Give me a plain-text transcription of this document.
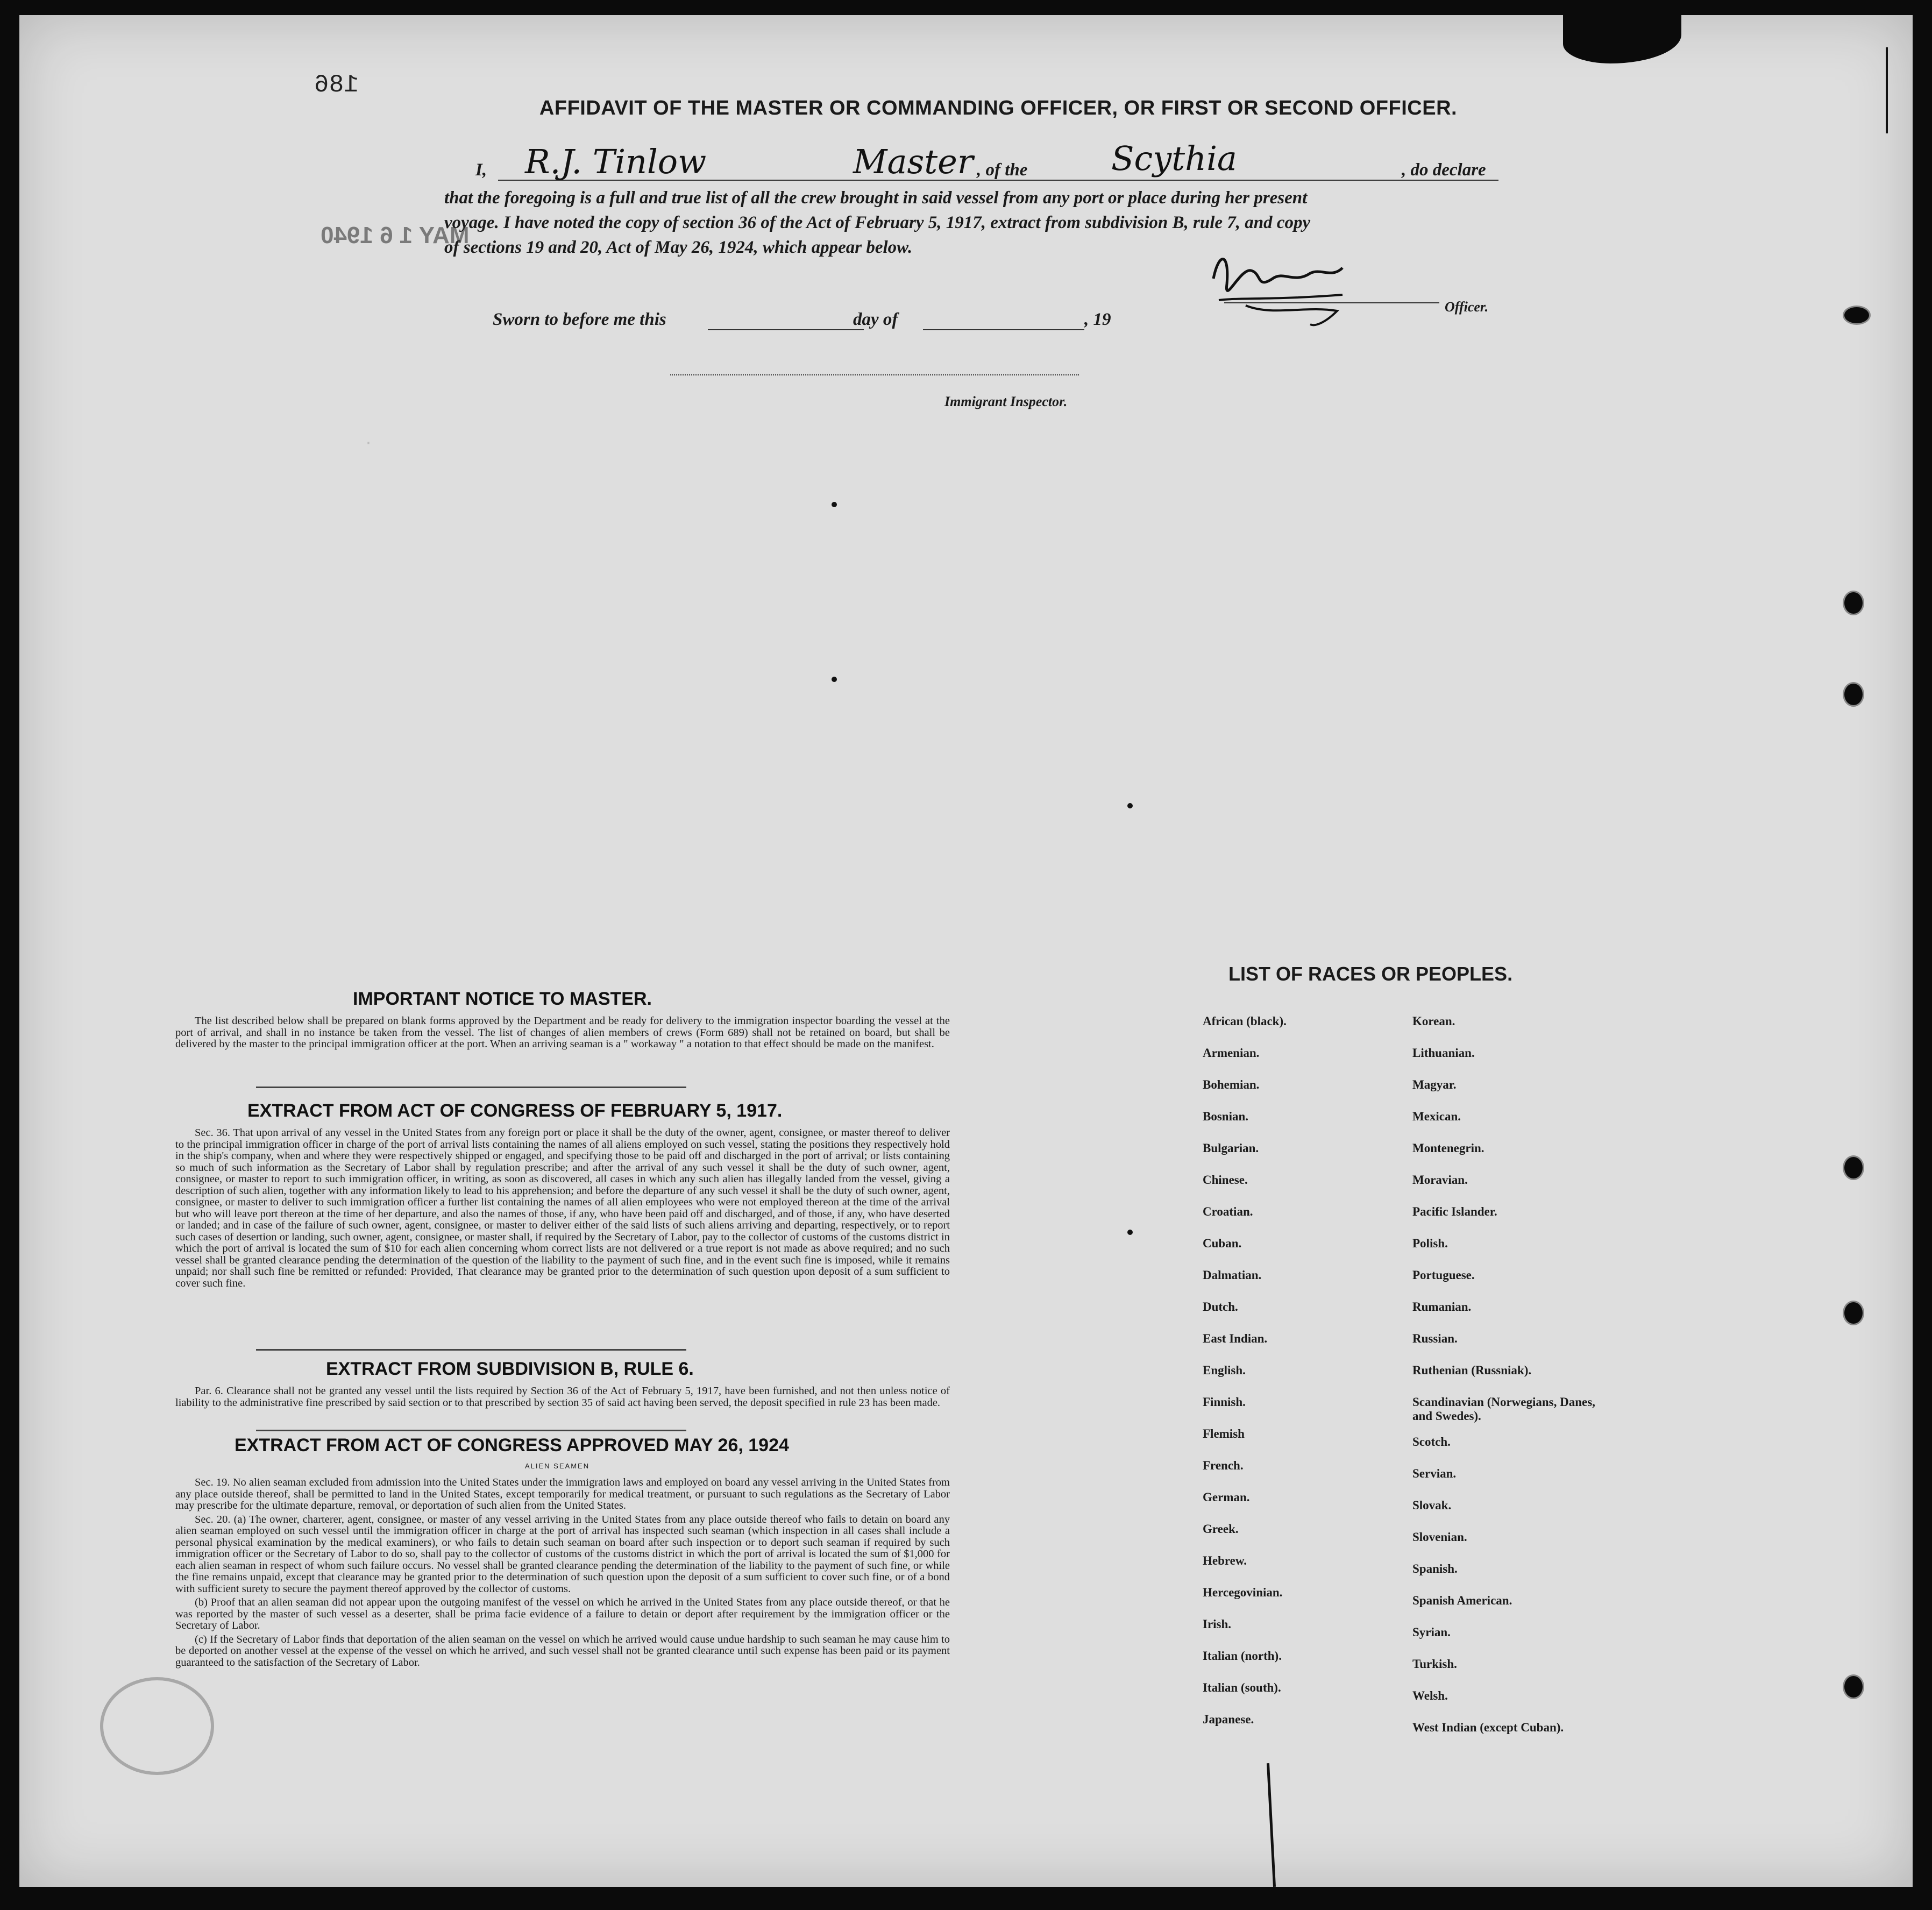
·
186
MAY 1 6 1940
AFFIDAVIT OF THE MASTER OR COMMANDING OFFICER, OR FIRST OR SECOND OFFICER.
I, R.J. Tinlow	Master , of the	Scythia	, do declare
that the foregoing is a full and true list of all the crew brought in said vessel from any port or place during her present
voyage. I have noted the copy of section 36 of the Act of February 5, 1917, extract from subdivision B, rule 7, and copy
of sections 19 and 20, Act of May 26, 1924, which appear below.
Officer.
Sworn to before me this	day of	, 19
Immigrant Inspector.
IMPORTANT NOTICE TO MASTER.

The list described below shall be prepared on blank forms approved by the Department and be ready for delivery to the immigration inspector boarding the vessel at the port of arrival, and shall in no instance be taken from the vessel. The list of changes of alien members of crews (Form 689) shall not be retained on board, but shall be delivered by the master to the principal immigration officer at the port. When an arriving seaman is a " workaway " a notation to that effect should be made on the manifest.

EXTRACT FROM ACT OF CONGRESS OF FEBRUARY 5, 1917.

Sec. 36. That upon arrival of any vessel in the United States from any foreign port or place it shall be the duty of the owner, agent, consignee, or master thereof to deliver to the principal immigration officer in charge of the port of arrival lists containing the names of all aliens employed on such vessel, stating the positions they respectively hold in the ship's company, when and where they were respectively shipped or engaged, and specifying those to be paid off and discharged in the port of arrival; or lists containing so much of such information as the Secretary of Labor shall by regulation prescribe; and after the arrival of any such vessel it shall be the duty of such owner, agent, consignee, or master to report to such immigration officer, in writing, as soon as discovered, all cases in which any such alien has illegally landed from the vessel, giving a description of such alien, together with any information likely to lead to his apprehension; and before the departure of any such vessel it shall be the duty of such owner, agent, consignee, or master to deliver to such immigration officer a further list containing the names of all alien employees who were not employed thereon at the time of the arrival but who will leave port thereon at the time of her departure, and also the names of those, if any, who have been paid off and discharged, and of those, if any, who have deserted or landed; and in case of the failure of such owner, agent, consignee, or master to deliver either of the said lists of such aliens arriving and departing, respectively, or to report such cases of desertion or landing, such owner, agent, consignee, or master shall, if required by the Secretary of Labor, pay to the collector of customs of the customs district in which the port of arrival is located the sum of $10 for each alien concerning whom correct lists are not delivered or a true report is not made as above required; and no such vessel shall be granted clearance pending the determination of the question of the liability to the payment of such fine, and in the event such fine is imposed, while it remains unpaid; nor shall such fine be remitted or refunded: Provided, That clearance may be granted prior to the determination of such question upon deposit of a sum sufficient to cover such fine.

EXTRACT FROM SUBDIVISION B, RULE 6.

Par. 6. Clearance shall not be granted any vessel until the lists required by Section 36 of the Act of February 5, 1917, have been furnished, and not then unless notice of liability to the administrative fine prescribed by said section or to that prescribed by section 35 of said act having been served, the deposit specified in rule 23 has been made.

EXTRACT FROM ACT OF CONGRESS APPROVED MAY 26, 1924
ALIEN SEAMEN

Sec. 19. No alien seaman excluded from admission into the United States under the immigration laws and employed on board any vessel arriving in the United States from any place outside thereof, shall be permitted to land in the United States, except temporarily for medical treatment, or pursuant to such regulations as the Secretary of Labor may prescribe for the ultimate departure, removal, or deportation of such alien from the United States.

Sec. 20. (a) The owner, charterer, agent, consignee, or master of any vessel arriving in the United States from any place outside thereof who fails to detain on board any alien seaman employed on such vessel until the immigration officer in charge at the port of arrival has inspected such seaman (which inspection in all cases shall include a personal physical examination by the medical examiners), or who fails to detain such seaman on board after such inspection or to deport such seaman if required by such immigration officer or the Secretary of Labor to do so, shall pay to the collector of customs of the customs district in which the port of arrival is located the sum of $1,000 for each alien seaman in respect of whom such failure occurs. No vessel shall be granted clearance pending the determination of the liability to the payment of such fine, or while the fine remains unpaid, except that clearance may be granted prior to the determination of such question upon the deposit of a sum sufficient to cover such fine, or of a bond with sufficient surety to secure the payment thereof approved by the collector of customs.

(b) Proof that an alien seaman did not appear upon the outgoing manifest of the vessel on which he arrived in the United States from any place outside thereof, or that he was reported by the master of such vessel as a deserter, shall be prima facie evidence of a failure to detain or deport after requirement by the immigration officer or the Secretary of Labor.

(c) If the Secretary of Labor finds that deportation of the alien seaman on the vessel on which he arrived would cause undue hardship to such seaman he may cause him to be deported on another vessel at the expense of the vessel on which he arrived, and such vessel shall not be granted clearance until such expense has been paid or its payment guaranteed to the satisfaction of the Secretary of Labor.

LIST OF RACES OR PEOPLES.
African (black).
Armenian.
Bohemian.
Bosnian.
Bulgarian.
Chinese.
Croatian.
Cuban.
Dalmatian.
Dutch.
East Indian.
English.
Finnish.
Flemish
French.
German.
Greek.
Hebrew.
Hercegovinian.
Irish.
Italian (north).
Italian (south).
Japanese.
Korean.
Lithuanian.
Magyar.
Mexican.
Montenegrin.
Moravian.
Pacific Islander.
Polish.
Portuguese.
Rumanian.
Russian.
Ruthenian (Russniak).
Scandinavian (Norwegians, Danes, and Swedes).
Scotch.
Servian.
Slovak.
Slovenian.
Spanish.
Spanish American.
Syrian.
Turkish.
Welsh.
West Indian (except Cuban).
